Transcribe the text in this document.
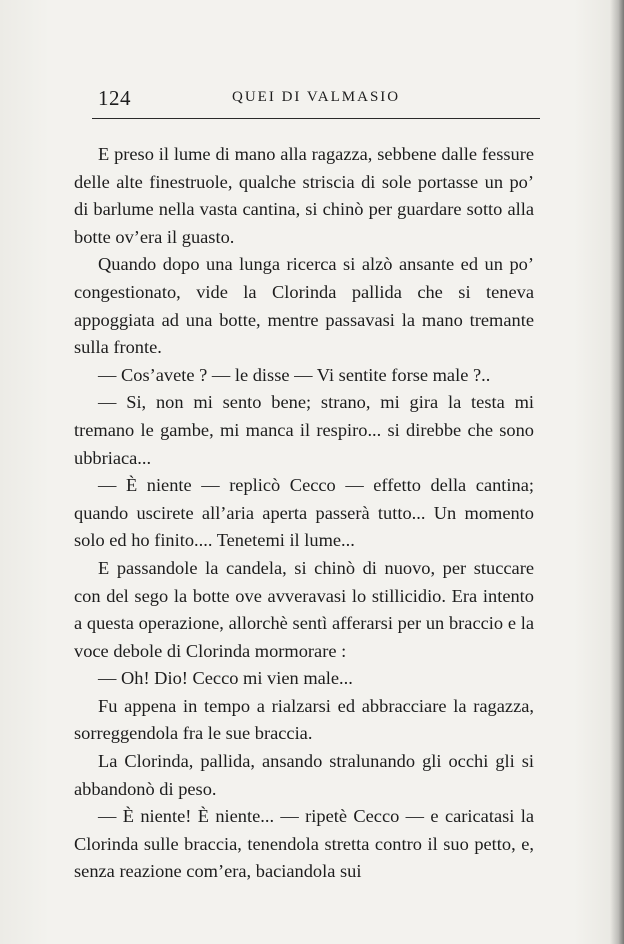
124	QUEI DI VALMASIO

E preso il lume di mano alla ragazza, sebbene dalle fessure delle alte finestruole, qualche striscia di sole portasse un po’ di barlume nella vasta cantina, si chinò per guardare sotto alla botte ov’era il guasto.

Quando dopo una lunga ricerca si alzò ansante ed un po’ congestionato, vide la Clorinda pallida che si teneva appoggiata ad una botte, mentre passavasi la mano tremante sulla fronte.

— Cos’avete ? — le disse — Vi sentite forse male ?..

— Si, non mi sento bene; strano, mi gira la testa mi tremano le gambe, mi manca il respiro... si direbbe che sono ubbriaca...

— È niente — replicò Cecco — effetto della cantina; quando uscirete all’aria aperta passerà tutto... Un momento solo ed ho finito.... Tenetemi il lume...

E passandole la candela, si chinò di nuovo, per stuccare con del sego la botte ove avveravasi lo stillicidio. Era intento a questa operazione, allorchè sentì afferarsi per un braccio e la voce debole di Clorinda mormorare :

— Oh! Dio! Cecco mi vien male...

Fu appena in tempo a rialzarsi ed abbracciare la ragazza, sorreggendola fra le sue braccia.

La Clorinda, pallida, ansando stralunando gli occhi gli si abbandonò di peso.

— È niente! È niente... — ripetè Cecco — e caricatasi la Clorinda sulle braccia, tenendola stretta contro il suo petto, e, senza reazione com’era, baciandola sui
